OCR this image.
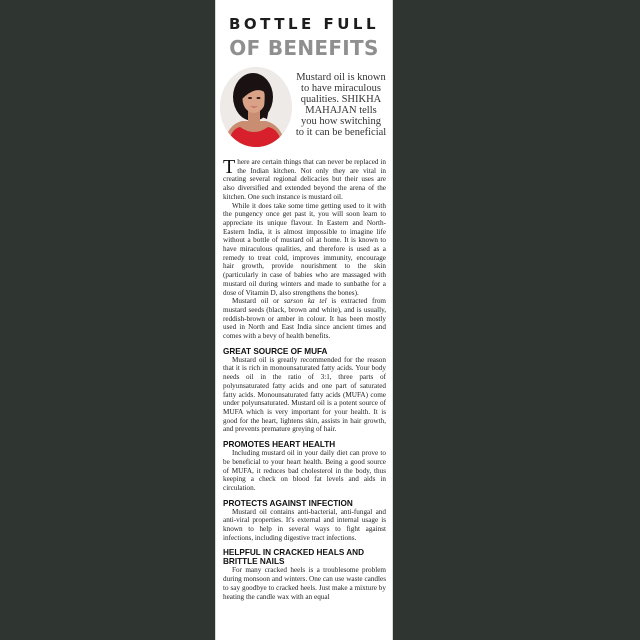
BOTTLE FULL
OF BENEFITS
Mustard oil is known
to have miraculous
qualities. SHIKHA
MAHAJAN tells
you how switching
to it can be beneficial

There are certain things that can never be replaced in the Indian kitchen. Not only they are vital in creating several regional delicacies but their uses are also diversified and extended beyond the arena of the kitchen. One such instance is mustard oil.

While it does take some time getting used to it with the pungency once get past it, you will soon learn to appreciate its unique flavour. In Eastern and North-Eastern India, it is almost impossible to imagine life without a bottle of mustard oil at home. It is known to have miraculous qualities, and therefore is used as a remedy to treat cold, improves immunity, encourage hair growth, provide nourishment to the skin (particularly in case of babies who are massaged with mustard oil during winters and made to sunbathe for a dose of Vitamin D, also strengthens the bones).

Mustard oil or sarson ka tel is extracted from mustard seeds (black, brown and white), and is usually, reddish-brown or amber in colour. It has been mostly used in North and East India since ancient times and comes with a bevy of health benefits.

GREAT SOURCE OF MUFA

Mustard oil is greatly recommended for the reason that it is rich in monounsaturated fatty acids. Your body needs oil in the ratio of 3:1, three parts of polyunsaturated fatty acids and one part of saturated fatty acids. Monounsaturated fatty acids (MUFA) come under polyunsaturated. Mustard oil is a potent source of MUFA which is very important for your health. It is good for the heart, lightens skin, assists in hair growth, and prevents premature greying of hair.

PROMOTES HEART HEALTH

Including mustard oil in your daily diet can prove to be beneficial to your heart health. Being a good source of MUFA, it reduces bad cholesterol in the body, thus keeping a check on blood fat levels and aids in circulation.

PROTECTS AGAINST INFECTION

Mustard oil contains anti-bacterial, anti-fungal and anti-viral properties. It's external and internal usage is known to help in several ways to fight against infections, including digestive tract infections.

HELPFUL IN CRACKED HEALS AND
BRITTLE NAILS

For many cracked heels is a troublesome problem during monsoon and winters. One can use waste candles to say goodbye to cracked heels. Just make a mixture by heating the candle wax with an equal
